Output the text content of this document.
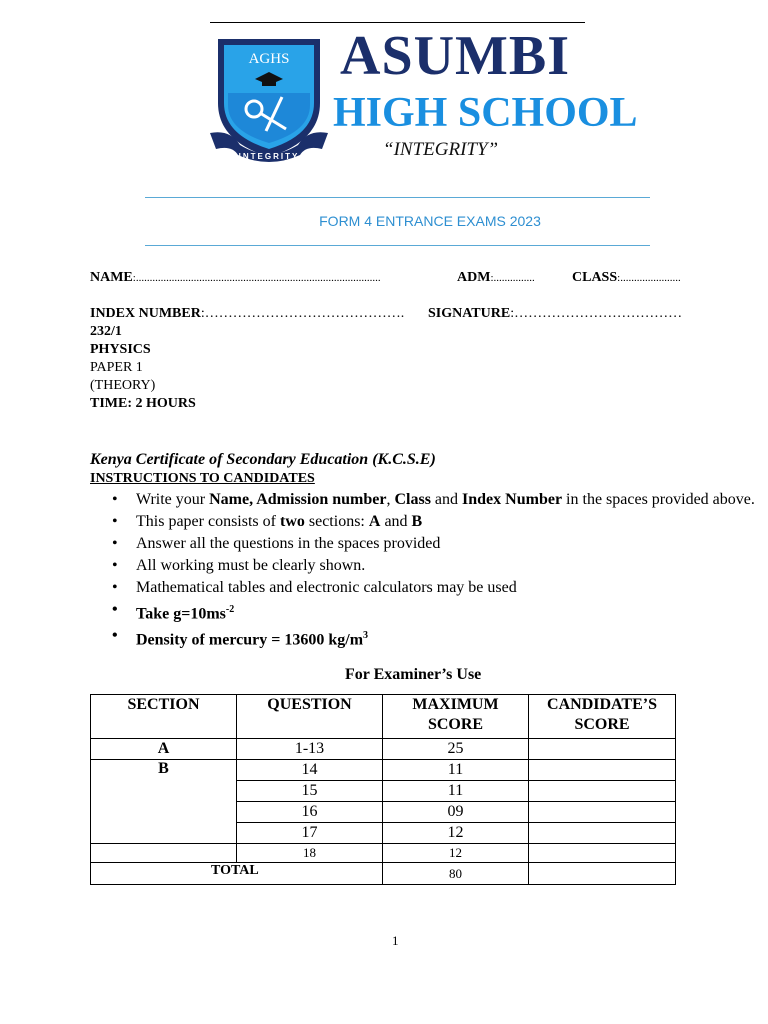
AGHS
INTEGRITY
ASUMBI
HIGH SCHOOL
“INTEGRITY”
FORM 4 ENTRANCE EXAMS 2023
NAME:.........................................................................................	ADM:...............	CLASS:......................
INDEX NUMBER:……………………………………. SIGNATURE:………………………………
232/1
PHYSICS
PAPER 1
(THEORY)
TIME: 2 HOURS
Kenya Certificate of Secondary Education (K.C.S.E)
INSTRUCTIONS TO CANDIDATES
• Write your Name, Admission number, Class and Index Number in the spaces provided above.
• This paper consists of two sections: A and B
• Answer all the questions in the spaces provided
• All working must be clearly shown.
• Mathematical tables and electronic calculators may be used
• Take $g=10ms^{-2}$
• Density of mercury = 13600 $kg/m^3$
For Examiner’s Use
SECTION	QUESTION	MAXIMUM SCORE	CANDIDATE’S SCORE
A	1-13	25	
B	14	11	
	15	11	
	16	09	
	17	12	
	18	12	
TOTAL		80	
1
